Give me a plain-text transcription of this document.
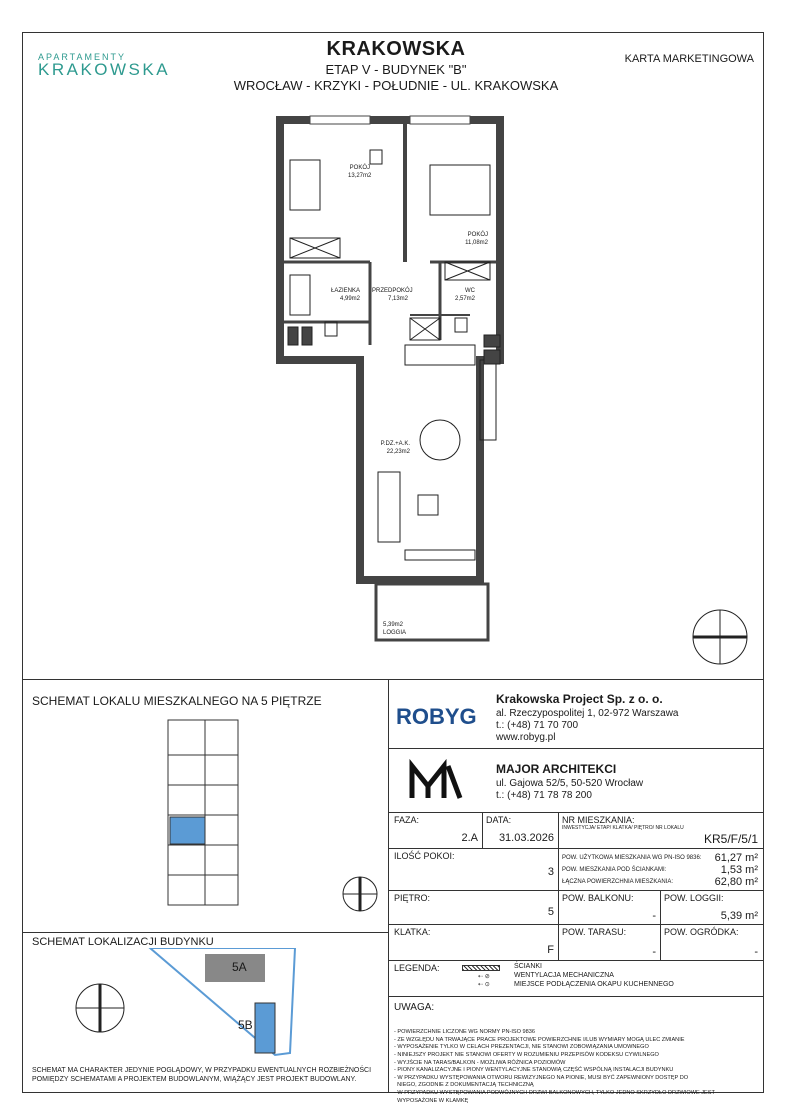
APARTAMENTY
KRAKOWSKA
KRAKOWSKA
ETAP V - BUDYNEK "B"
WROCŁAW - KRZYKI - POŁUDNIE - UL. KRAKOWSKA
KARTA MARKETINGOWA
POKÓJ
13,27m2
POKÓJ
11,08m2
ŁAZIENKA
4,99m2
PRZEDPOKÓJ
7,13m2
WC
2,57m2
P.DZ.+A.K.
22,23m2
5,39m2
LOGGIA
SCHEMAT LOKALU MIESZKALNEGO NA 5 PIĘTRZE
SCHEMAT LOKALIZACJI BUDYNKU
5A
5B
SCHEMAT MA CHARAKTER JEDYNIE POGLĄDOWY, W PRZYPADKU EWENTUALNYCH ROZBIEŻNOŚCI POMIĘDZY SCHEMATAMI A PROJEKTEM BUDOWLANYM, WIĄŻĄCY JEST PROJEKT BUDOWLANY.
ROBYG
Krakowska Project Sp. z o. o.
al. Rzeczypospolitej 1, 02-972 Warszawa
t.: (+48) 71 70 700
www.robyg.pl
MAJOR ARCHITEKCI
ul. Gajowa 52/5, 50-520 Wrocław
t.: (+48) 71 78 78 200
FAZA:
2.A
DATA:
31.03.2026
NR MIESZKANIA:
INWESTYCJA/ ETAP/ KLATKA/ PIĘTRO/ NR LOKALU
KR5/F/5/1
ILOŚĆ POKOI:
3
POW. UŻYTKOWA MIESZKANIA WG PN-ISO 9836:	61,27 m²
POW. MIESZKANIA POD ŚCIANKAMI:	1,53 m²
ŁĄCZNA POWIERZCHNIA MIESZKANIA:	62,80 m²
PIĘTRO:
5
POW. BALKONU:
-
POW. LOGGII:
5,39 m²
KLATKA:
F
POW. TARASU:
-
POW. OGRÓDKA:
-
LEGENDA:
⇠ ⊘
⇠ ⊙
ŚCIANKI
WENTYLACJA MECHANICZNA
MIEJSCE PODŁĄCZENIA OKAPU KUCHENNEGO
UWAGA:

- POWIERZCHNIE LICZONE WG NORMY PN-ISO 9836
- ZE WZGLĘDU NA TRWAJĄCE PRACE PROJEKTOWE POWIERZCHNIE I/LUB WYMIARY MOGĄ ULEC ZMIANIE
- WYPOSAŻENIE TYLKO W CELACH PREZENTACJI, NIE STANOWI ZOBOWIĄZANIA UMOWNEGO
- NINIEJSZY PROJEKT NIE STANOWI OFERTY W ROZUMIENIU PRZEPISÓW KODEKSU CYWILNEGO
- WYJŚCIE NA TARAS/BALKON - MOŻLIWA RÓŻNICA POZIOMÓW
- PIONY KANALIZACYJNE I PIONY WENTYLACYJNE STANOWIĄ CZĘŚĆ WSPÓLNĄ INSTALACJI BUDYNKU
- W PRZYPADKU WYSTĘPOWANIA OTWORU REWIZYJNEGO NA PIONIE, MUSI BYĆ ZAPEWNIONY DOSTĘP DO
NIEGO, ZGODNIE Z DOKUMENTACJĄ TECHNICZNĄ
- W PRZYPADKU WYSTĘPOWANIA PODWÓJNYCH DRZWI BALKONOWYCH, TYLKO JEDNO SKRZYDŁO DRZWIOWE JEST
WYPOSAŻONE W KLAMKĘ
